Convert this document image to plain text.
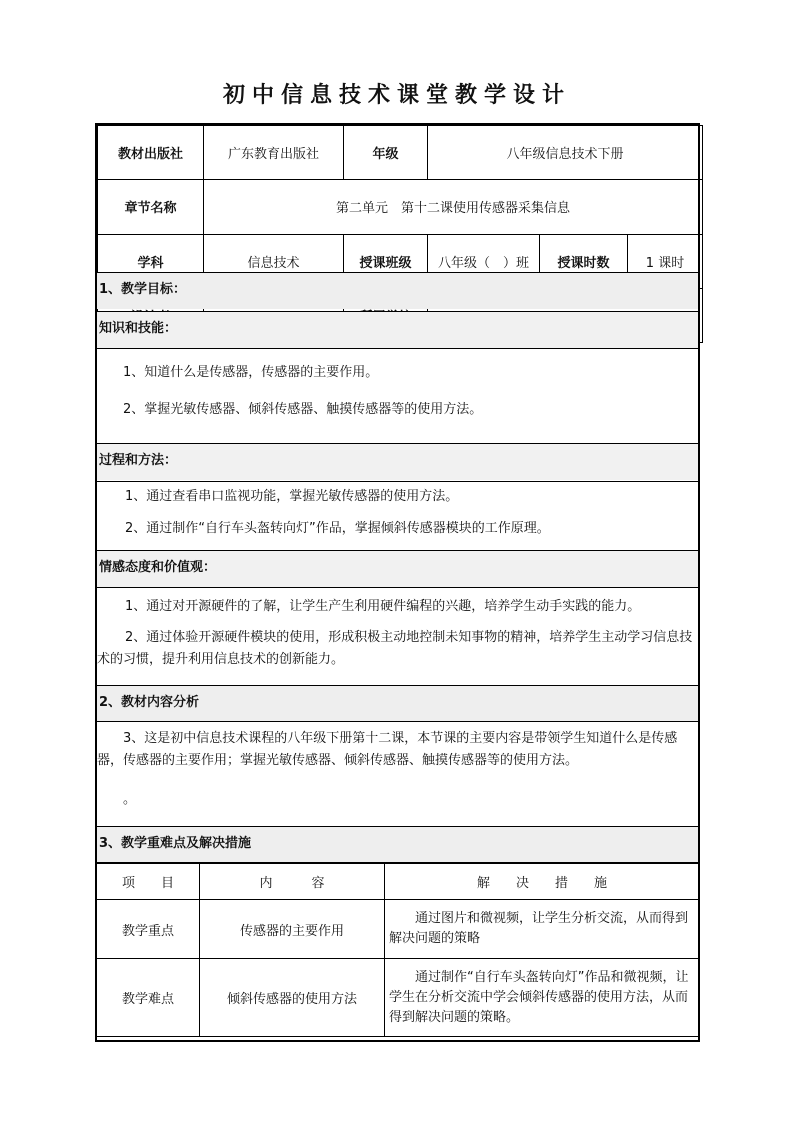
初中信息技术课堂教学设计
教材出版社	广东教育出版社	年级	八年级信息技术下册		
章节名称	第二单元　第十二课使用传感器采集信息				
学科	信息技术	授课班级	八年级（　）班	授课时数	1 课时

1、教学目标：
知识和技能：
1、知道什么是传感器，传感器的主要作用。
2、掌握光敏传感器、倾斜传感器、触摸传感器等的使用方法。
过程和方法：
1、通过查看串口监视功能，掌握光敏传感器的使用方法。
2、通过制作“自行车头盔转向灯”作品，掌握倾斜传感器模块的工作原理。
情感态度和价值观：
1、通过对开源硬件的了解，让学生产生利用硬件编程的兴趣，培养学生动手实践的能力。
2、通过体验开源硬件模块的使用，形成积极主动地控制未知事物的精神，培养学生主动学习信息技术的习惯，提升利用信息技术的创新能力。
2、教材内容分析
3、这是初中信息技术课程的八年级下册第十二课，本节课的主要内容是带领学生知道什么是传感器，传感器的主要作用；掌握光敏传感器、倾斜传感器、触摸传感器等的使用方法。
。
3、教学重难点及解决措施
项　　目	内　　　容	解　　决　　措　　施
教学重点	传感器的主要作用	通过图片和微视频，让学生分析交流，从而得到解决问题的策略
教学难点	倾斜传感器的使用方法	通过制作“自行车头盔转向灯”作品和微视频，让学生在分析交流中学会倾斜传感器的使用方法，从而得到解决问题的策略。
